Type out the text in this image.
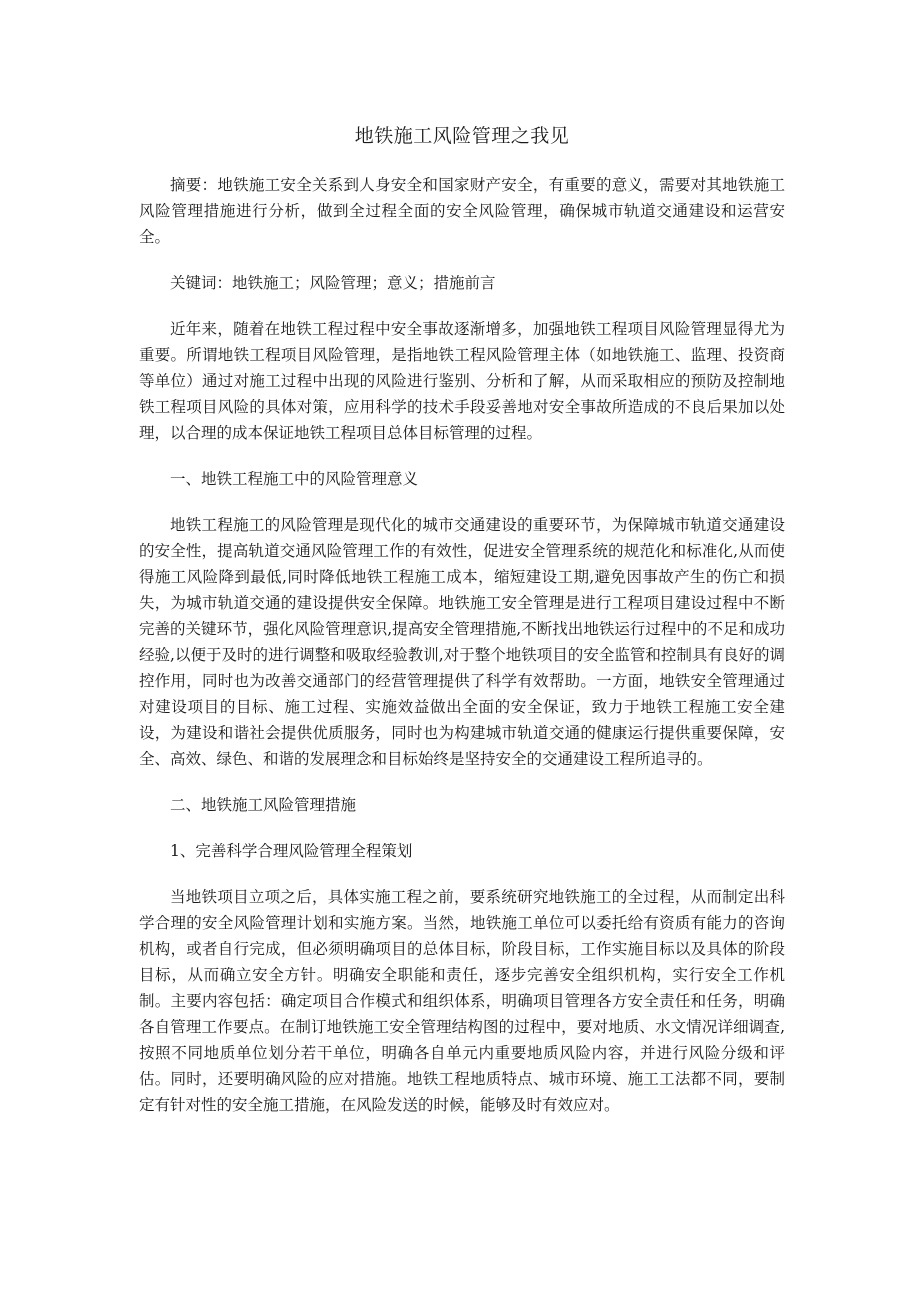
地铁施工风险管理之我见

摘要：地铁施工安全关系到人身安全和国家财产安全，有重要的意义，需要对其地铁施工风险管理措施进行分析，做到全过程全面的安全风险管理，确保城市轨道交通建设和运营安全。

关键词：地铁施工；风险管理；意义；措施前言

近年来，随着在地铁工程过程中安全事故逐渐增多，加强地铁工程项目风险管理显得尤为重要。所谓地铁工程项目风险管理，是指地铁工程风险管理主体（如地铁施工、监理、投资商等单位）通过对施工过程中出现的风险进行鉴别、分析和了解，从而采取相应的预防及控制地铁工程项目风险的具体对策，应用科学的技术手段妥善地对安全事故所造成的不良后果加以处理，以合理的成本保证地铁工程项目总体目标管理的过程。

一、地铁工程施工中的风险管理意义

地铁工程施工的风险管理是现代化的城市交通建设的重要环节，为保障城市轨道交通建设的安全性，提高轨道交通风险管理工作的有效性，促进安全管理系统的规范化和标准化,从而使得施工风险降到最低,同时降低地铁工程施工成本，缩短建设工期,避免因事故产生的伤亡和损失，为城市轨道交通的建设提供安全保障。地铁施工安全管理是进行工程项目建设过程中不断完善的关键环节，强化风险管理意识,提高安全管理措施,不断找出地铁运行过程中的不足和成功经验,以便于及时的进行调整和吸取经验教训,对于整个地铁项目的安全监管和控制具有良好的调控作用，同时也为改善交通部门的经营管理提供了科学有效帮助。一方面，地铁安全管理通过对建设项目的目标、施工过程、实施效益做出全面的安全保证，致力于地铁工程施工安全建设，为建设和谐社会提供优质服务，同时也为构建城市轨道交通的健康运行提供重要保障，安全、高效、绿色、和谐的发展理念和目标始终是坚持安全的交通建设工程所追寻的。

二、地铁施工风险管理措施

1、完善科学合理风险管理全程策划

当地铁项目立项之后，具体实施工程之前，要系统研究地铁施工的全过程，从而制定出科学合理的安全风险管理计划和实施方案。当然，地铁施工单位可以委托给有资质有能力的咨询机构，或者自行完成，但必须明确项目的总体目标，阶段目标，工作实施目标以及具体的阶段目标，从而确立安全方针。明确安全职能和责任，逐步完善安全组织机构，实行安全工作机制。主要内容包括：确定项目合作模式和组织体系，明确项目管理各方安全责任和任务，明确各自管理工作要点。在制订地铁施工安全管理结构图的过程中，要对地质、水文情况详细调查,按照不同地质单位划分若干单位，明确各自单元内重要地质风险内容，并进行风险分级和评估。同时，还要明确风险的应对措施。地铁工程地质特点、城市环境、施工工法都不同，要制定有针对性的安全施工措施，在风险发送的时候，能够及时有效应对。
